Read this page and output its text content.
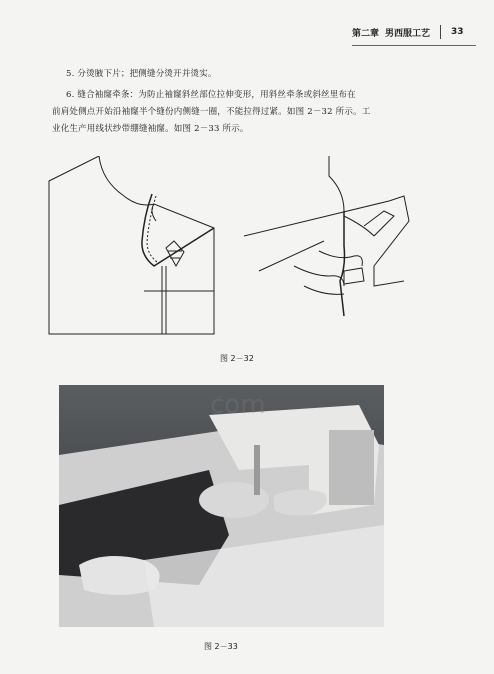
第二章 男西服工艺 33
5. 分烫腋下片；把侧缝分烫开并烫实。
6. 缝合袖窿牵条：为防止袖窿斜丝部位拉伸变形，用斜丝牵条或斜丝里布在
前肩处侧点开始沿袖窿半个缝份内侧缝一圈，不能拉得过紧。如图 2－32 所示。工
业化生产用线状纱带绷缝袖窿。如图 2－33 所示。
图 2－32
com
图 2－33
